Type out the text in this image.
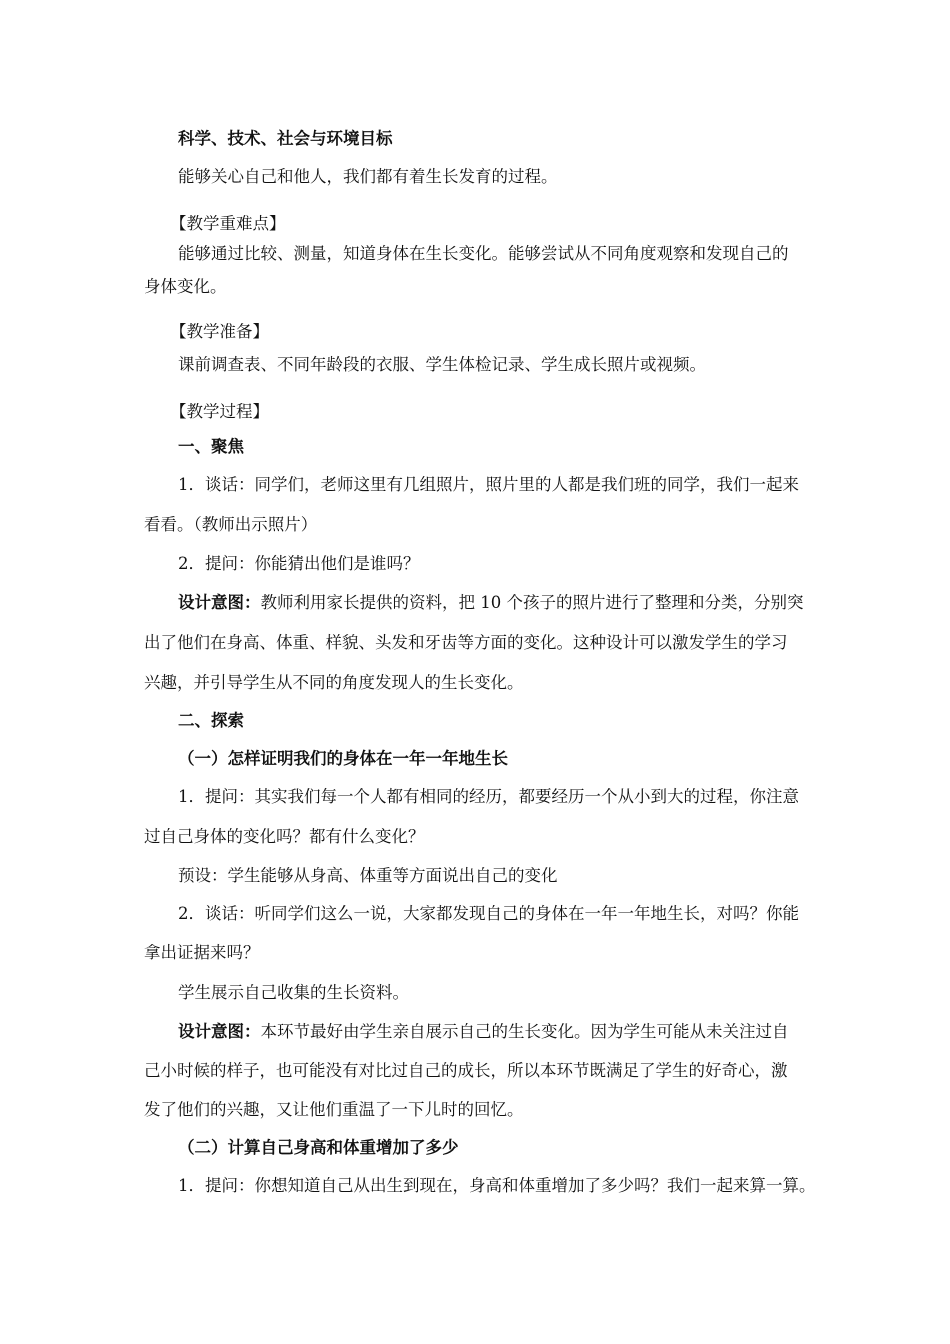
科学、技术、社会与环境目标
能够关心自己和他人，我们都有着生长发育的过程。
【教学重难点】
能够通过比较、测量，知道身体在生长变化。能够尝试从不同角度观察和发现自己的
身体变化。
【教学准备】
课前调查表、不同年龄段的衣服、学生体检记录、学生成长照片或视频。
【教学过程】
一、聚焦
1．谈话：同学们，老师这里有几组照片，照片里的人都是我们班的同学，我们一起来
看看。（教师出示照片）
2．提问：你能猜出他们是谁吗？
设计意图：教师利用家长提供的资料，把 10 个孩子的照片进行了整理和分类，分别突
出了他们在身高、体重、样貌、头发和牙齿等方面的变化。这种设计可以激发学生的学习
兴趣，并引导学生从不同的角度发现人的生长变化。
二、探索
（一）怎样证明我们的身体在一年一年地生长
1．提问：其实我们每一个人都有相同的经历，都要经历一个从小到大的过程，你注意
过自己身体的变化吗？都有什么变化？
预设：学生能够从身高、体重等方面说出自己的变化
2．谈话：听同学们这么一说，大家都发现自己的身体在一年一年地生长，对吗？你能
拿出证据来吗？
学生展示自己收集的生长资料。
设计意图：本环节最好由学生亲自展示自己的生长变化。因为学生可能从未关注过自
己小时候的样子，也可能没有对比过自己的成长，所以本环节既满足了学生的好奇心，激
发了他们的兴趣，又让他们重温了一下儿时的回忆。
（二）计算自己身高和体重增加了多少
1．提问：你想知道自己从出生到现在，身高和体重增加了多少吗？我们一起来算一算。
